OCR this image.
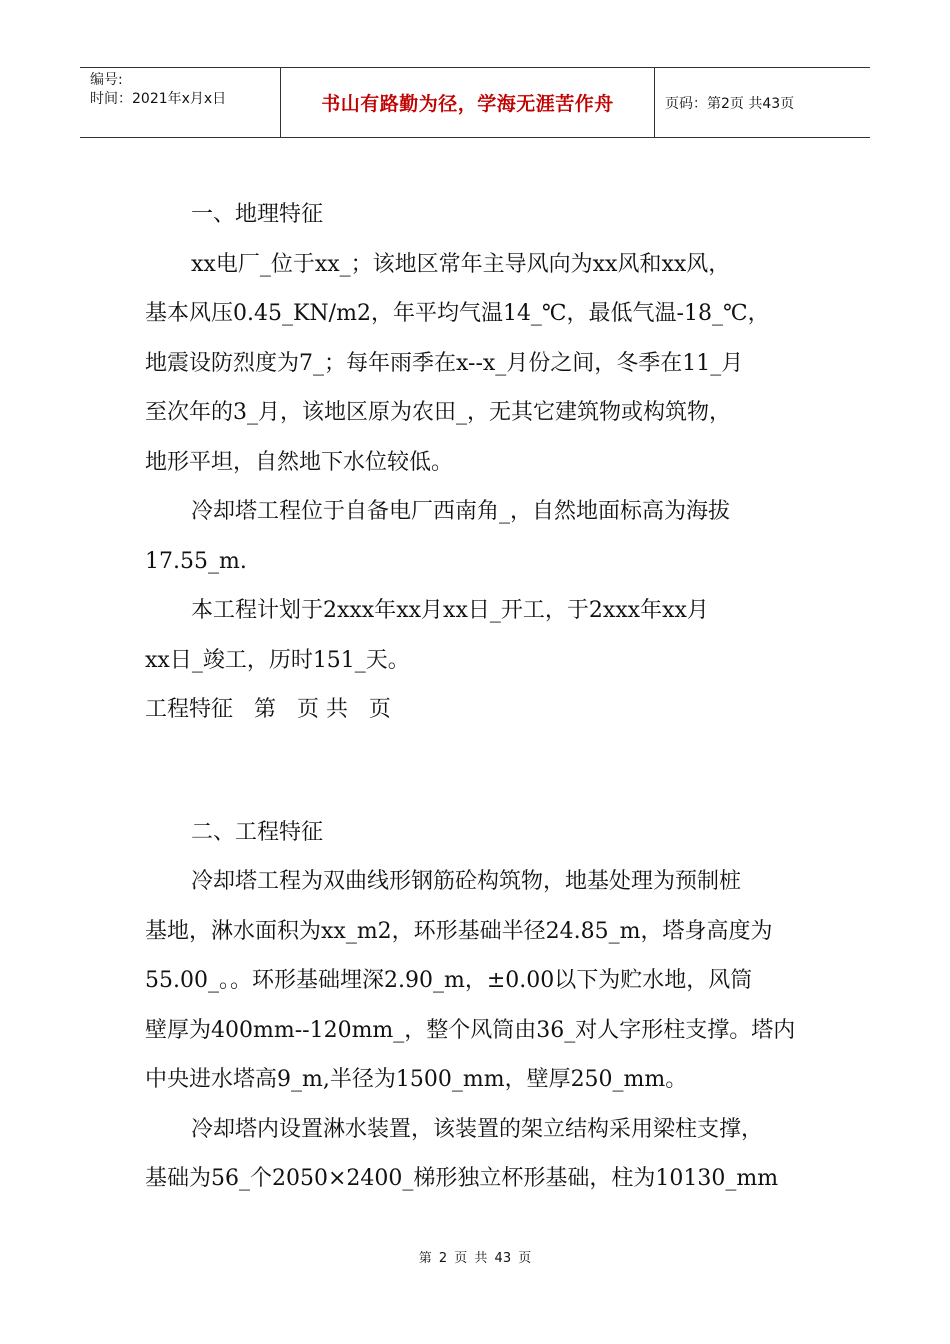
编号:
时间：2021年x月x日	书山有路勤为径，学海无涯苦作舟	页码：第2页 共43页
一、地理特征
xx电厂_位于xx_；该地区常年主导风向为xx风和xx风，
基本风压0.45_KN/m2，年平均气温14_℃，最低气温-18_℃，
地震设防烈度为7_；每年雨季在x--x_月份之间，冬季在11_月
至次年的3_月，该地区原为农田_，无其它建筑物或构筑物，
地形平坦，自然地下水位较低。
冷却塔工程位于自备电厂西南角_，自然地面标高为海拔
17.55_m.
本工程计划于2xxx年xx月xx日_开工，于2xxx年xx月
xx日_竣工，历时151_天。
工程特征   第   页 共   页
二、工程特征
冷却塔工程为双曲线形钢筋砼构筑物，地基处理为预制桩
基地，淋水面积为xx_m2，环形基础半径24.85_m，塔身高度为
55.00_。。环形基础埋深2.90_m，±0.00以下为贮水地，风筒
壁厚为400mm--120mm_，整个风筒由36_对人字形柱支撑。塔内
中央进水塔高9_m,半径为1500_mm，壁厚250_mm。
冷却塔内设置淋水装置，该装置的架立结构采用梁柱支撑，
基础为56_个2050×2400_梯形独立杯形基础，柱为10130_mm
第 2 页 共 43 页
